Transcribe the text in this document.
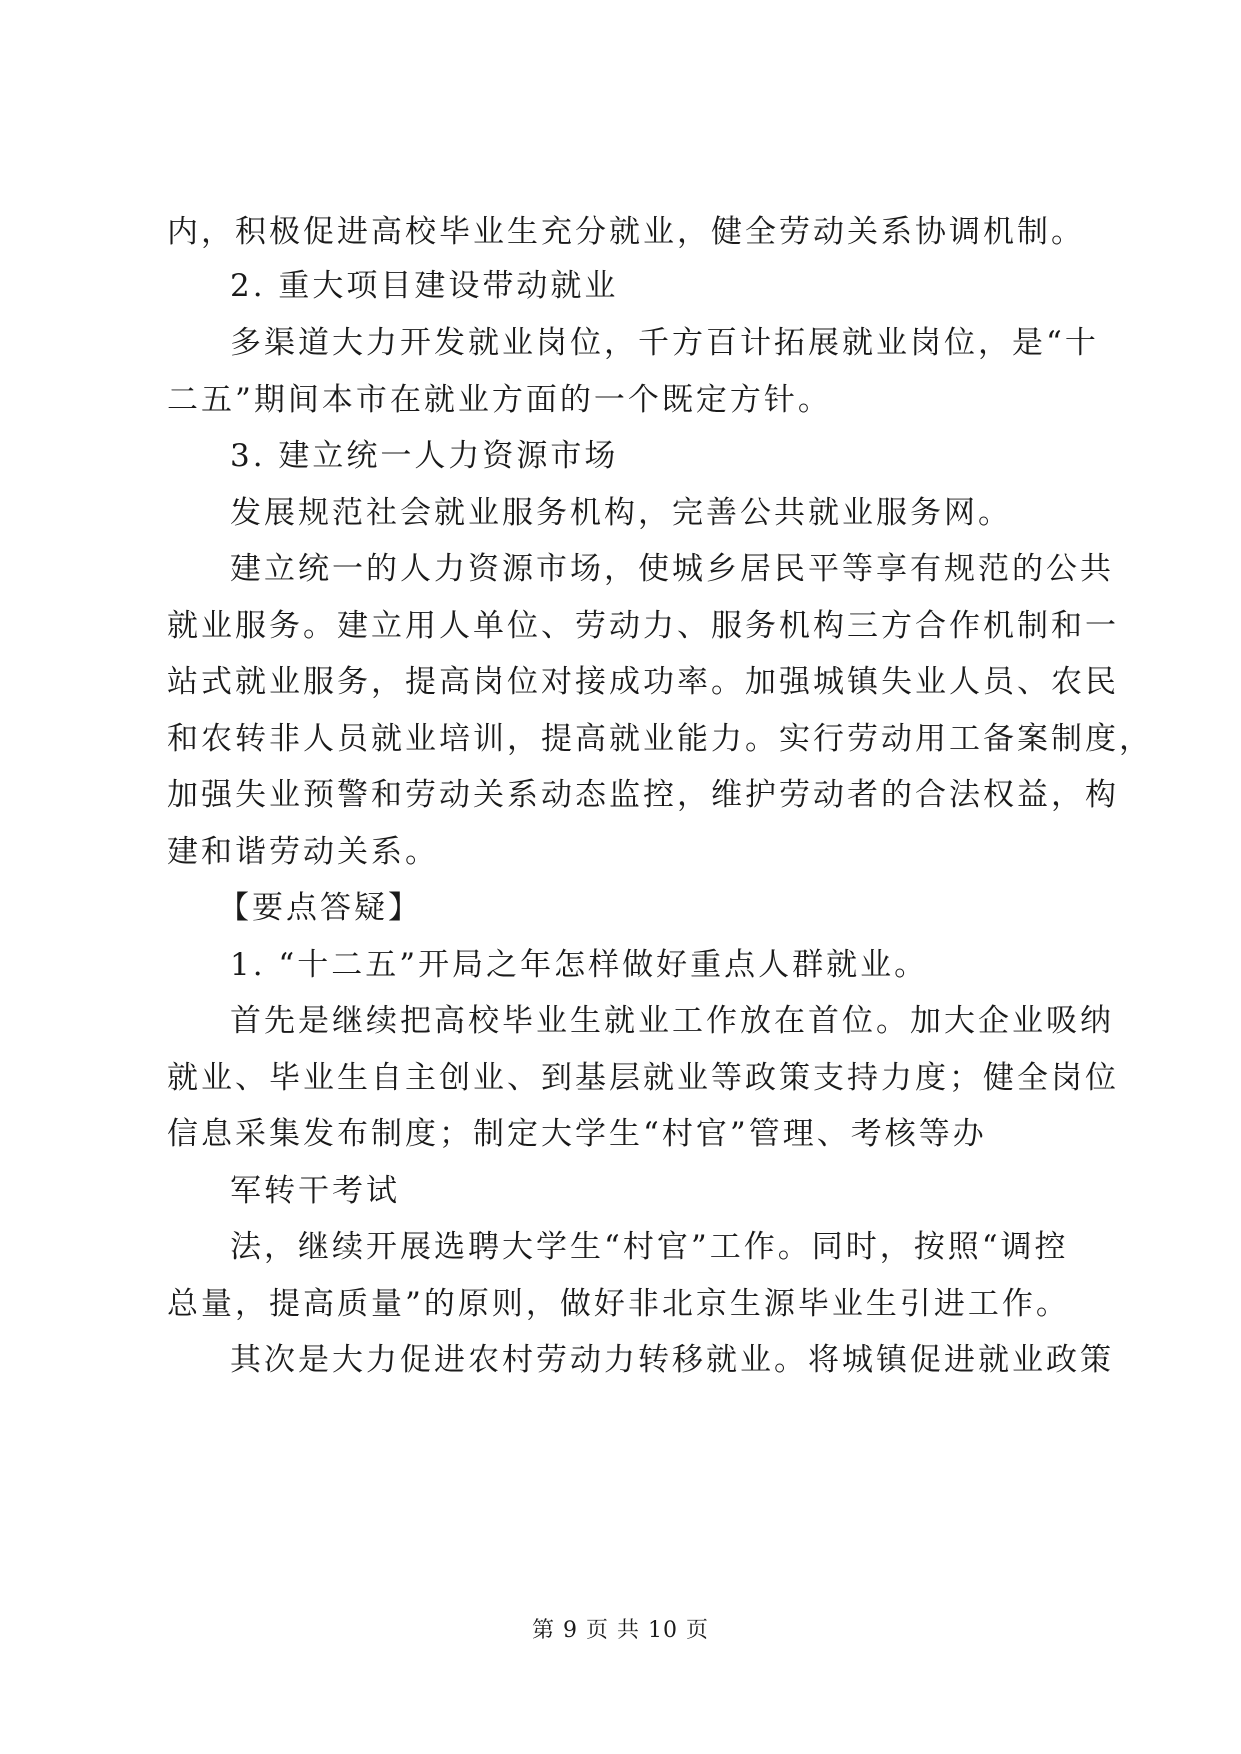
内，积极促进高校毕业生充分就业，健全劳动关系协调机制。
2. 重大项目建设带动就业
多渠道大力开发就业岗位，千方百计拓展就业岗位，是“十
二五”期间本市在就业方面的一个既定方针。
3. 建立统一人力资源市场
发展规范社会就业服务机构，完善公共就业服务网。
建立统一的人力资源市场，使城乡居民平等享有规范的公共
就业服务。建立用人单位、劳动力、服务机构三方合作机制和一
站式就业服务，提高岗位对接成功率。加强城镇失业人员、农民
和农转非人员就业培训，提高就业能力。实行劳动用工备案制度，
加强失业预警和劳动关系动态监控，维护劳动者的合法权益，构
建和谐劳动关系。
【要点答疑】
1. “十二五”开局之年怎样做好重点人群就业。
首先是继续把高校毕业生就业工作放在首位。加大企业吸纳
就业、毕业生自主创业、到基层就业等政策支持力度；健全岗位
信息采集发布制度；制定大学生“村官”管理、考核等办
军转干考试
法，继续开展选聘大学生“村官”工作。同时，按照“调控
总量，提高质量”的原则，做好非北京生源毕业生引进工作。
其次是大力促进农村劳动力转移就业。将城镇促进就业政策
第 9 页 共 10 页
